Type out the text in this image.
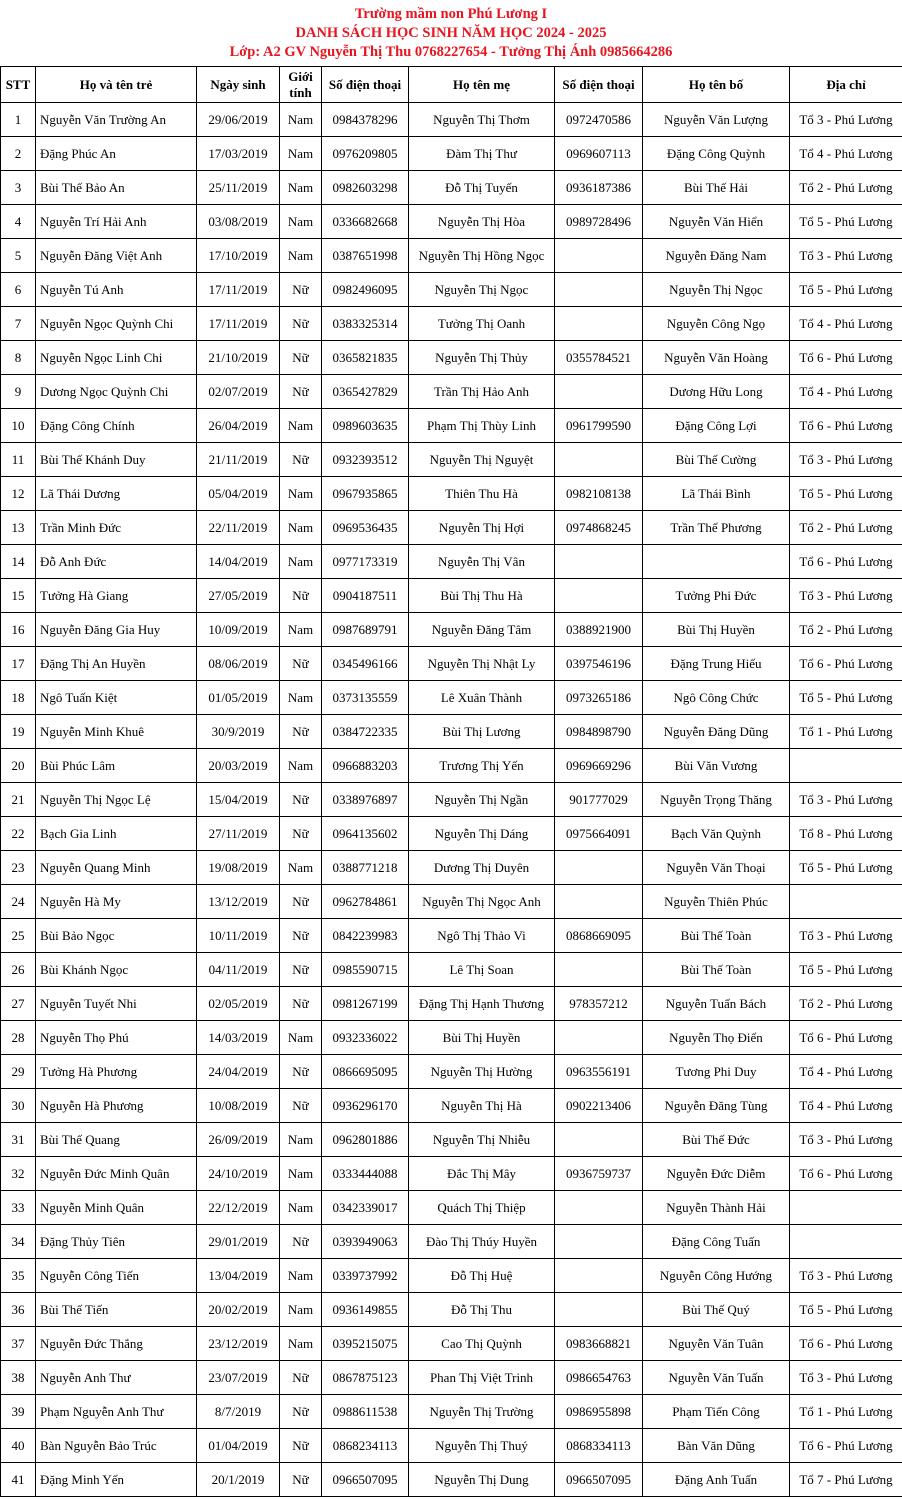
Trường mầm non Phú Lương I
DANH SÁCH HỌC SINH NĂM HỌC 2024 - 2025
Lớp: A2 GV Nguyễn Thị Thu 0768227654 - Tưởng Thị Ánh 0985664286
STT	Họ và tên trẻ	Ngày sinh	Giới tính	Số điện thoại	Họ tên mẹ	Số điện thoại	Họ tên bố	Địa chỉ
1	Nguyễn Văn Trường An	29/06/2019	Nam	0984378296	Nguyễn Thị Thơm	0972470586	Nguyễn Văn Lượng	Tổ 3 - Phú Lương
2	Đặng Phúc An	17/03/2019	Nam	0976209805	Đàm Thị Thư	0969607113	Đặng Công Quỳnh	Tổ 4 - Phú Lương
3	Bùi Thế Bảo An	25/11/2019	Nam	0982603298	Đỗ Thị Tuyến	0936187386	Bùi Thế Hải	Tổ 2 - Phú Lương
4	Nguyễn Trí Hải Anh	03/08/2019	Nam	0336682668	Nguyễn Thị Hòa	0989728496	Nguyễn Văn Hiển	Tổ 5 - Phú Lương
5	Nguyễn Đăng Việt Anh	17/10/2019	Nam	0387651998	Nguyễn Thị Hồng Ngọc		Nguyễn Đăng Nam	Tổ 3 - Phú Lương
6	Nguyễn Tú Anh	17/11/2019	Nữ	0982496095	Nguyễn Thị Ngọc		Nguyễn Thị Ngọc	Tổ 5 - Phú Lương
7	Nguyễn Ngọc Quỳnh Chi	17/11/2019	Nữ	0383325314	Tưởng Thị Oanh		Nguyễn Công Ngọ	Tổ 4 - Phú Lương
8	Nguyễn Ngọc Linh Chi	21/10/2019	Nữ	0365821835	Nguyễn Thị Thủy	0355784521	Nguyễn Văn Hoàng	Tổ 6 - Phú Lương
9	Dương Ngọc Quỳnh Chi	02/07/2019	Nữ	0365427829	Trần Thị Hảo Anh		Dương Hữu Long	Tổ 4 - Phú Lương
10	Đặng Công Chính	26/04/2019	Nam	0989603635	Phạm Thị Thùy Linh	0961799590	Đặng Công Lợi	Tổ 6 - Phú Lương
11	Bùi Thế Khánh Duy	21/11/2019	Nữ	0932393512	Nguyễn Thị Nguyệt		Bùi Thế Cường	Tổ 3 - Phú Lương
12	Lã Thái Dương	05/04/2019	Nam	0967935865	Thiên Thu Hà	0982108138	Lã Thái Bình	Tổ 5 - Phú Lương
13	Trần Minh Đức	22/11/2019	Nam	0969536435	Nguyễn Thị Hợi	0974868245	Trần Thế Phương	Tổ 2 - Phú Lương
14	Đỗ Anh Đức	14/04/2019	Nam	0977173319	Nguyễn Thị Vân			Tổ 6 - Phú Lương
15	Tưởng Hà Giang	27/05/2019	Nữ	0904187511	Bùi Thị Thu Hà		Tưởng Phi Đức	Tổ 3 - Phú Lương
16	Nguyễn Đăng Gia Huy	10/09/2019	Nam	0987689791	Nguyễn Đăng Tâm	0388921900	Bùi Thị Huyền	Tổ 2 - Phú Lương
17	Đặng Thị An Huyền	08/06/2019	Nữ	0345496166	Nguyễn Thị Nhật Ly	0397546196	Đặng Trung Hiếu	Tổ 6 - Phú Lương
18	Ngô Tuấn Kiệt	01/05/2019	Nam	0373135559	Lê Xuân Thành	0973265186	Ngô Công Chức	Tổ 5 - Phú Lương
19	Nguyễn Minh Khuê	30/9/2019	Nữ	0384722335	Bùi Thị Lương	0984898790	Nguyễn Đăng Dũng	Tổ 1 - Phú Lương
20	Bùi Phúc Lâm	20/03/2019	Nam	0966883203	Trương Thị Yến	0969669296	Bùi Văn Vương	
21	Nguyễn Thị Ngọc Lệ	15/04/2019	Nữ	0338976897	Nguyễn Thị Ngần	901777029	Nguyễn Trọng Thăng	Tổ 3 - Phú Lương
22	Bạch Gia Linh	27/11/2019	Nữ	0964135602	Nguyễn Thị Dáng	0975664091	Bạch Văn Quỳnh	Tổ 8 - Phú Lương
23	Nguyễn Quang Minh	19/08/2019	Nam	0388771218	Dương Thị Duyên		Nguyễn Văn Thoại	Tổ 5 - Phú Lương
24	Nguyễn Hà My	13/12/2019	Nữ	0962784861	Nguyễn Thị Ngọc Anh		Nguyễn Thiên Phúc	
25	Bùi Bảo Ngọc	10/11/2019	Nữ	0842239983	Ngô Thị Thảo Vi	0868669095	Bùi Thế Toàn	Tổ 3 - Phú Lương
26	Bùi Khánh Ngọc	04/11/2019	Nữ	0985590715	Lê Thị Soan		Bùi Thế Toàn	Tổ 5 - Phú Lương
27	Nguyễn Tuyết Nhi	02/05/2019	Nữ	0981267199	Đặng Thị Hạnh Thương	978357212	Nguyễn Tuấn Bách	Tổ 2 - Phú Lương
28	Nguyễn Thọ Phú	14/03/2019	Nam	0932336022	Bùi Thị Huyền		Nguyễn Thọ Điển	Tổ 6 - Phú Lương
29	Tưởng Hà Phương	24/04/2019	Nữ	0866695095	Nguyễn Thị Hường	0963556191	Tương Phi Duy	Tổ 4 - Phú Lương
30	Nguyễn Hà Phương	10/08/2019	Nữ	0936296170	Nguyễn Thị Hà	0902213406	Nguyễn Đăng Tùng	Tổ 4 - Phú Lương
31	Bùi Thế Quang	26/09/2019	Nam	0962801886	Nguyễn Thị Nhiễu		Bùi Thế Đức	Tổ 3 - Phú Lương
32	Nguyễn Đức Minh Quân	24/10/2019	Nam	0333444088	Đắc Thị Mây	0936759737	Nguyễn Đức Diễm	Tổ 6 - Phú Lương
33	Nguyễn Minh Quân	22/12/2019	Nam	0342339017	Quách Thị Thiệp		Nguyễn Thành Hải	
34	Đặng Thủy Tiên	29/01/2019	Nữ	0393949063	Đào Thị Thúy Huyền		Đặng Công Tuấn	
35	Nguyễn Công Tiến	13/04/2019	Nam	0339737992	Đỗ Thị Huệ		Nguyễn Công Hướng	Tổ 3 - Phú Lương
36	Bùi Thế Tiến	20/02/2019	Nam	0936149855	Đỗ Thị Thu		Bùi Thế Quý	Tổ 5 - Phú Lương
37	Nguyễn Đức Thắng	23/12/2019	Nam	0395215075	Cao Thị Quỳnh	0983668821	Nguyễn Văn Tuân	Tổ 6 - Phú Lương
38	Nguyễn Anh Thư	23/07/2019	Nữ	0867875123	Phan Thị Việt Trinh	0986654763	Nguyễn Văn Tuấn	Tổ 3 - Phú Lương
39	Phạm Nguyễn Anh Thư	8/7/2019	Nữ	0988611538	Nguyễn Thị Trường	0986955898	Phạm Tiến Công	Tổ 1 - Phú Lương
40	Bàn Nguyễn Bảo Trúc	01/04/2019	Nữ	0868234113	Nguyễn Thị Thuý	0868334113	Bàn Văn Dũng	Tổ 6 - Phú Lương
41	Đặng Minh Yến	20/1/2019	Nữ	0966507095	Nguyễn Thị Dung	0966507095	Đặng Anh Tuấn	Tổ 7 - Phú Lương
